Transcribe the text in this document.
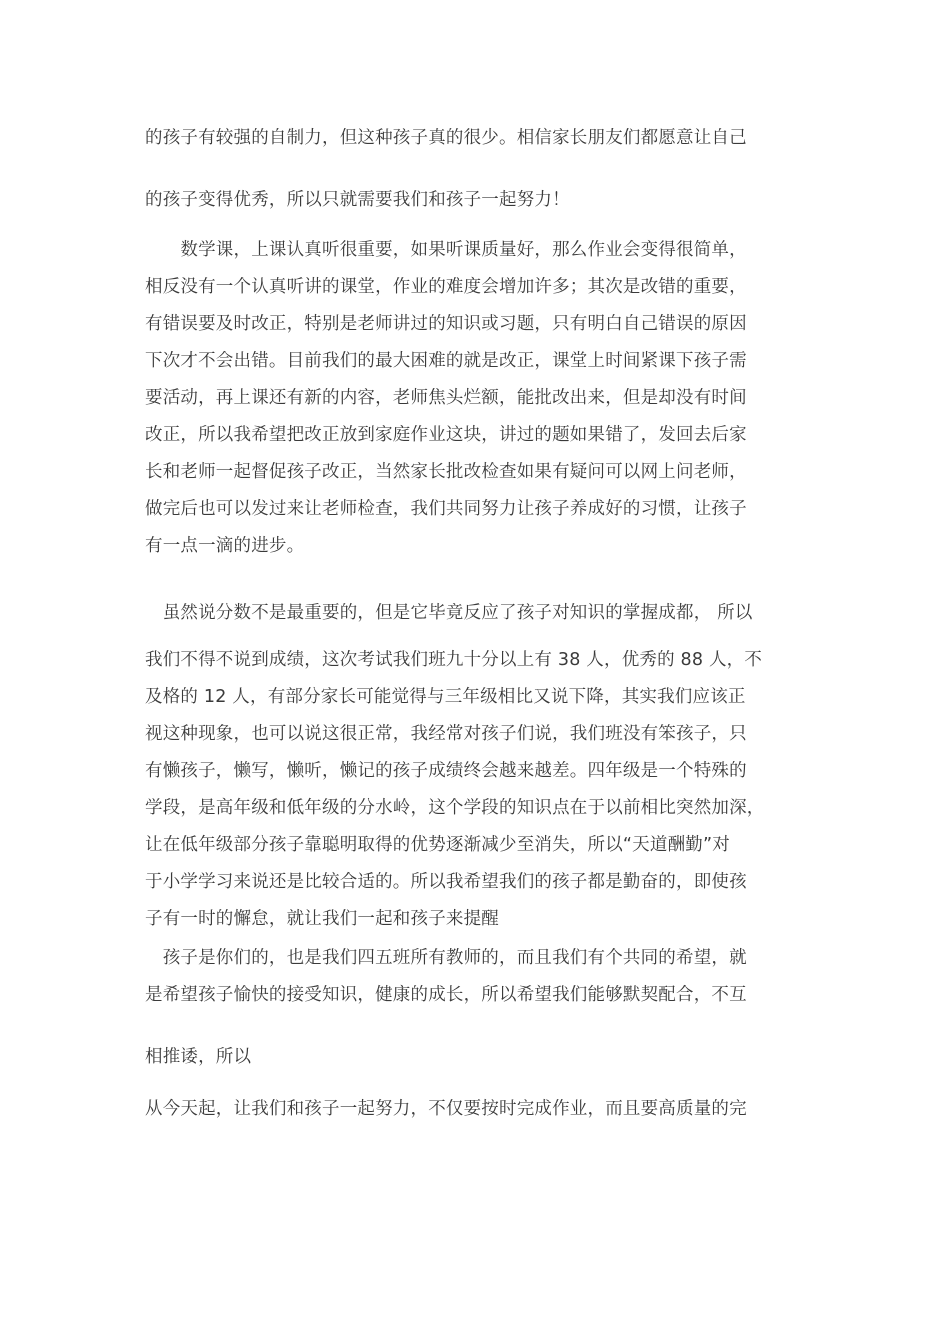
的孩子有较强的自制力，但这种孩子真的很少。相信家长朋友们都愿意让自己
的孩子变得优秀，所以只就需要我们和孩子一起努力！
　　数学课，上课认真听很重要，如果听课质量好，那么作业会变得很简单，
相反没有一个认真听讲的课堂，作业的难度会增加许多；其次是改错的重要，
有错误要及时改正，特别是老师讲过的知识或习题，只有明白自己错误的原因
下次才不会出错。目前我们的最大困难的就是改正，课堂上时间紧课下孩子需
要活动，再上课还有新的内容，老师焦头烂额，能批改出来，但是却没有时间
改正，所以我希望把改正放到家庭作业这块，讲过的题如果错了，发回去后家
长和老师一起督促孩子改正，当然家长批改检查如果有疑问可以网上问老师，
做完后也可以发过来让老师检查，我们共同努力让孩子养成好的习惯，让孩子
有一点一滴的进步。
　虽然说分数不是最重要的，但是它毕竟反应了孩子对知识的掌握成都， 所以
我们不得不说到成绩，这次考试我们班九十分以上有 38 人，优秀的 88 人，不
及格的 12 人，有部分家长可能觉得与三年级相比又说下降，其实我们应该正
视这种现象，也可以说这很正常，我经常对孩子们说，我们班没有笨孩子，只
有懒孩子，懒写，懒听，懒记的孩子成绩终会越来越差。四年级是一个特殊的
学段，是高年级和低年级的分水岭，这个学段的知识点在于以前相比突然加深，
让在低年级部分孩子靠聪明取得的优势逐渐减少至消失，所以“天道酬勤”对
于小学学习来说还是比较合适的。所以我希望我们的孩子都是勤奋的，即使孩
子有一时的懈怠，就让我们一起和孩子来提醒
　孩子是你们的，也是我们四五班所有教师的，而且我们有个共同的希望，就
是希望孩子愉快的接受知识，健康的成长，所以希望我们能够默契配合，不互
相推诿，所以
从今天起，让我们和孩子一起努力，不仅要按时完成作业，而且要高质量的完
